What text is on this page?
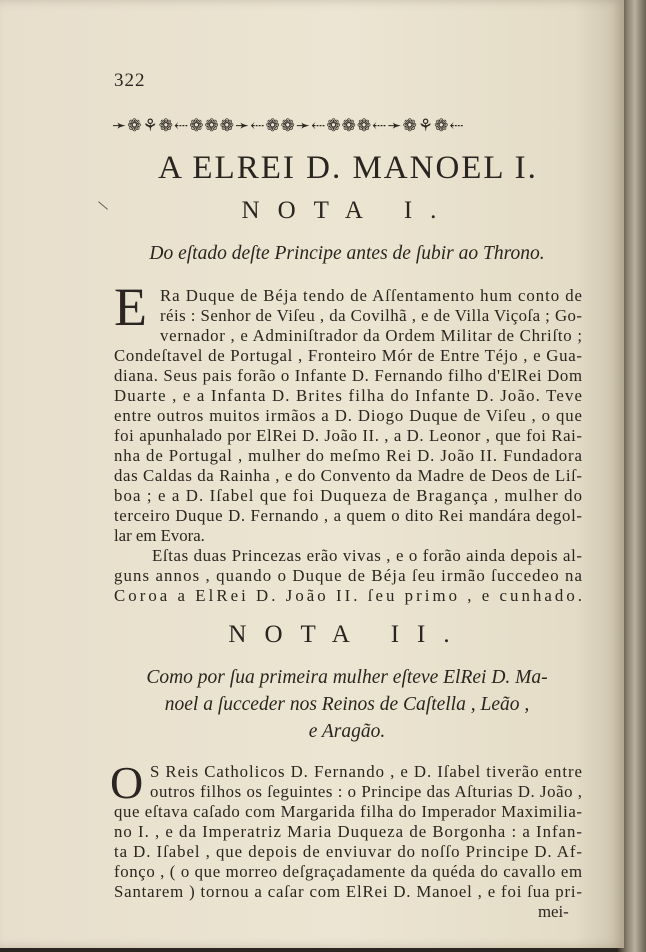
322
➛❁⚘❁⇠❁❁❁➛⇠❁❁➛⇠❁❁❁⇠➛❁⚘❁⇠
A ELREI D. MANOEL I.
NOTA I.
Do eſtado deſte Principe antes de ſubir ao Throno.
E Ra Duque de Béja tendo de Aſſentamento hum conto de
réis : Senhor de Viſeu , da Covilhã , e de Villa Viçoſa ; Go-
vernador , e Adminiſtrador da Ordem Militar de Chriſto ;
Condeſtavel de Portugal , Fronteiro Mór de Entre Téjo , e Gua-
diana. Seus pais forão o Infante D. Fernando filho d'ElRei Dom
Duarte , e a Infanta D. Brites filha do Infante D. João. Teve
entre outros muitos irmãos a D. Diogo Duque de Viſeu , o que
foi apunhalado por ElRei D. João II. , a D. Leonor , que foi Rai-
nha de Portugal , mulher do meſmo Rei D. João II. Fundadora
das Caldas da Rainha , e do Convento da Madre de Deos de Liſ-
boa ; e a D. Iſabel que foi Duqueza de Bragança , mulher do
terceiro Duque D. Fernando , a quem o dito Rei mandára degol-
lar em Evora.
Eſtas duas Princezas erão vivas , e o forão ainda depois al-
guns annos , quando o Duque de Béja ſeu irmão ſuccedeo na
Coroa a ElRei D. João II. ſeu primo , e cunhado.
NOTA II.
Como por ſua primeira mulher eſteve ElRei D. Ma-
noel a ſucceder nos Reinos de Caſtella , Leão ,
e Aragão.
O S Reis Catholicos D. Fernando , e D. Iſabel tiverão entre
outros filhos os ſeguintes : o Principe das Aſturias D. João ,
que eſtava caſado com Margarida filha do Imperador Maximilia-
no I. , e da Imperatriz Maria Duqueza de Borgonha : a Infan-
ta D. Iſabel , que depois de enviuvar do noſſo Principe D. Af-
fonço , ( o que morreo deſgraçadamente da quéda do cavallo em
Santarem ) tornou a caſar com ElRei D. Manoel , e foi ſua pri-
mei-
